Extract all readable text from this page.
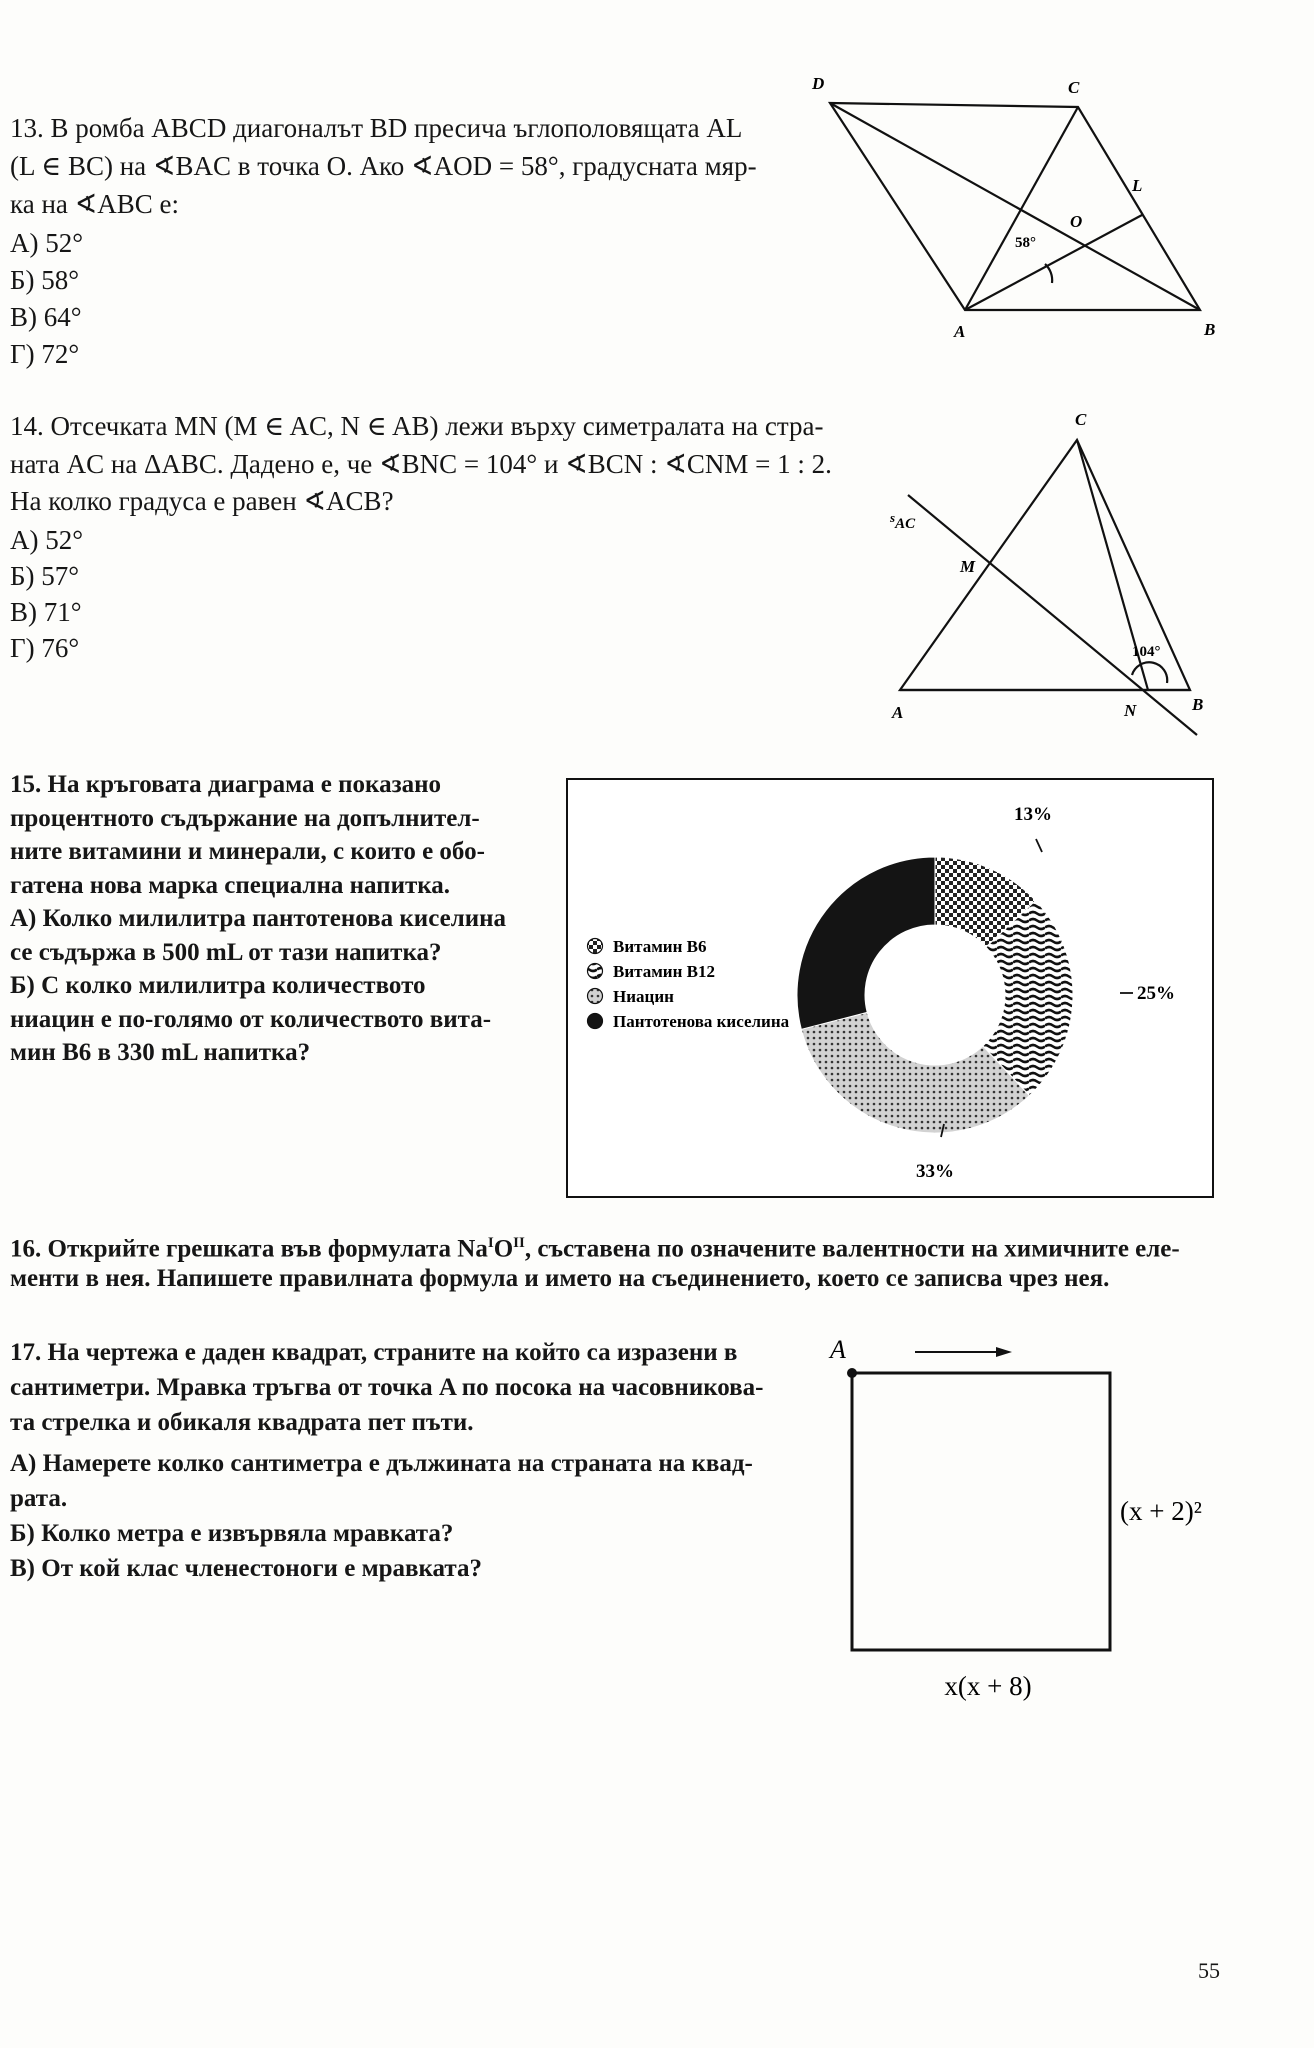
13. В ромба ABCD диагоналът BD пресича ъглополовящата AL
(L ∈ BC) на ∢BAC в точка O. Ако ∢AOD = 58°, градусната мяр-
ка на ∢ABC е:
А) 52°
Б) 58°
В) 64°
Г) 72°
D	C
L
O
A	B
58°
14. Отсечката MN (M ∈ AC, N ∈ AB) лежи върху симетралата на стра-
ната AC на ΔABC. Дадено е, че ∢BNC = 104° и ∢BCN : ∢CNM = 1 : 2.
На колко градуса е равен ∢ACB?
А) 52°
Б) 57°
В) 71°
Г) 76°
C
$^s$AC
M
A	N	B
104°
15. На кръговата диаграма е показано
процентното съдържание на допълнител-
ните витамини и минерали, с които е обо-
гатена нова марка специална напитка.
А) Колко милилитра пантотенова киселина
се съдържа в 500 mL от тази напитка?
Б) С колко милилитра количеството
ниацин е по-голямо от количеството вита-
мин B6 в 330 mL напитка?
Витамин B6
Витамин B12
Ниацин
Пантотенова киселина
13%
25%
33%
16. Открийте грешката във формулата $Na^IO^{II}$, съставена по означените валентности на химичните еле-
менти в нея. Напишете правилната формула и името на съединението, което се записва чрез нея.
17. На чертежа е даден квадрат, страните на който са изразени в
сантиметри. Мравка тръгва от точка A по посока на часовникова-
та стрелка и обикаля квадрата пет пъти.
А) Намерете колко сантиметра е дължината на страната на квад-
рата.
Б) Колко метра е извървяла мравката?
В) От кой клас членестоноги е мравката?
A
(x + 2)²
x(x + 8)
55
